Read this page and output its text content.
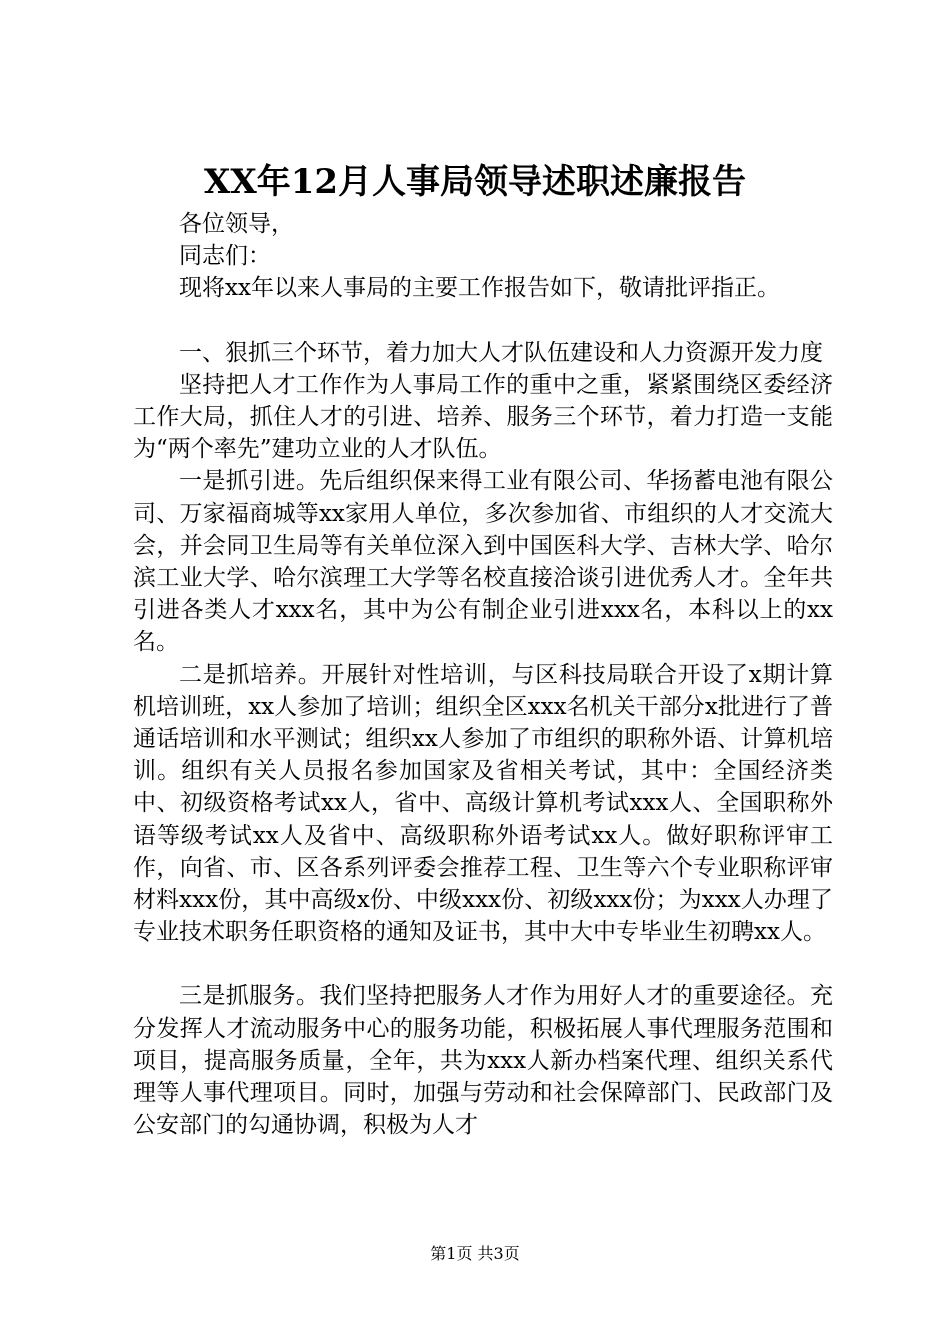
XX年12月人事局领导述职述廉报告

各位领导，

同志们：

现将xx年以来人事局的主要工作报告如下，敬请批评指正。

一、狠抓三个环节，着力加大人才队伍建设和人力资源开发力度

坚持把人才工作作为人事局工作的重中之重，紧紧围绕区委经济工作大局，抓住人才的引进、培养、服务三个环节，着力打造一支能为“两个率先”建功立业的人才队伍。

一是抓引进。先后组织保来得工业有限公司、华扬蓄电池有限公司、万家福商城等xx家用人单位，多次参加省、市组织的人才交流大会，并会同卫生局等有关单位深入到中国医科大学、吉林大学、哈尔滨工业大学、哈尔滨理工大学等名校直接洽谈引进优秀人才。全年共引进各类人才xxx名，其中为公有制企业引进xxx名，本科以上的xx名。

二是抓培养。开展针对性培训，与区科技局联合开设了x期计算机培训班，xx人参加了培训；组织全区xxx名机关干部分x批进行了普通话培训和水平测试；组织xx人参加了市组织的职称外语、计算机培训。组织有关人员报名参加国家及省相关考试，其中：全国经济类中、初级资格考试xx人，省中、高级计算机考试xxx人、全国职称外语等级考试xx人及省中、高级职称外语考试xx人。做好职称评审工作，向省、市、区各系列评委会推荐工程、卫生等六个专业职称评审材料xxx份，其中高级x份、中级xxx份、初级xxx份；为xxx人办理了专业技术职务任职资格的通知及证书，其中大中专毕业生初聘xx人。

三是抓服务。我们坚持把服务人才作为用好人才的重要途径。充分发挥人才流动服务中心的服务功能，积极拓展人事代理服务范围和项目，提高服务质量，全年，共为xxx人新办档案代理、组织关系代理等人事代理项目。同时，加强与劳动和社会保障部门、民政部门及公安部门的勾通协调，积极为人才

第1页 共3页
